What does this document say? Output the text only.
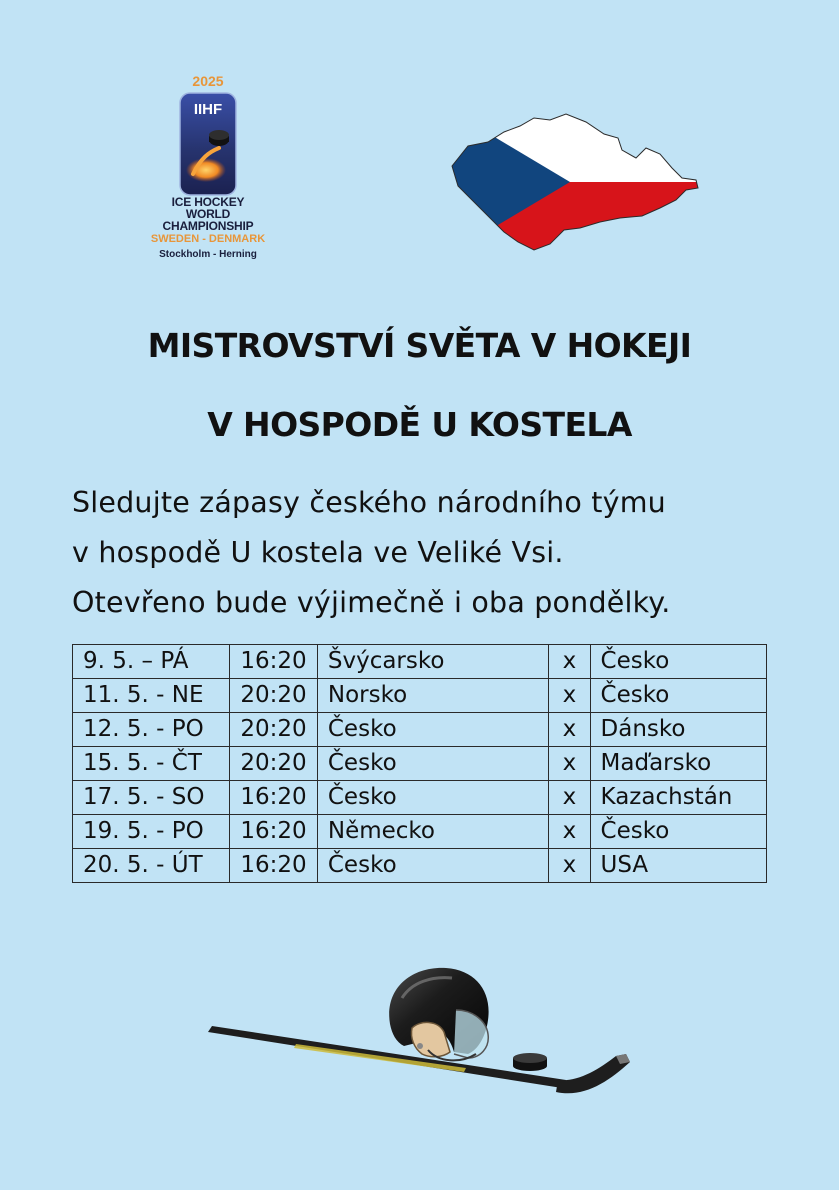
2025
IIHF
ICE HOCKEY
WORLD
CHAMPIONSHIP
SWEDEN - DENMARK
Stockholm - Herning
MISTROVSTVÍ SVĚTA V HOKEJI
V HOSPODĚ U KOSTELA
Sledujte zápasy českého národního týmu
v hospodě U kostela ve Veliké Vsi.
Otevřeno bude výjimečně i oba pondělky.
9. 5. – PÁ	16:20	Švýcarsko	x	Česko
11. 5. - NE	20:20	Norsko	x	Česko
12. 5. - PO	20:20	Česko	x	Dánsko
15. 5. - ČT	20:20	Česko	x	Maďarsko
17. 5. - SO	16:20	Česko	x	Kazachstán
19. 5. - PO	16:20	Německo	x	Česko
20. 5. - ÚT	16:20	Česko	x	USA
